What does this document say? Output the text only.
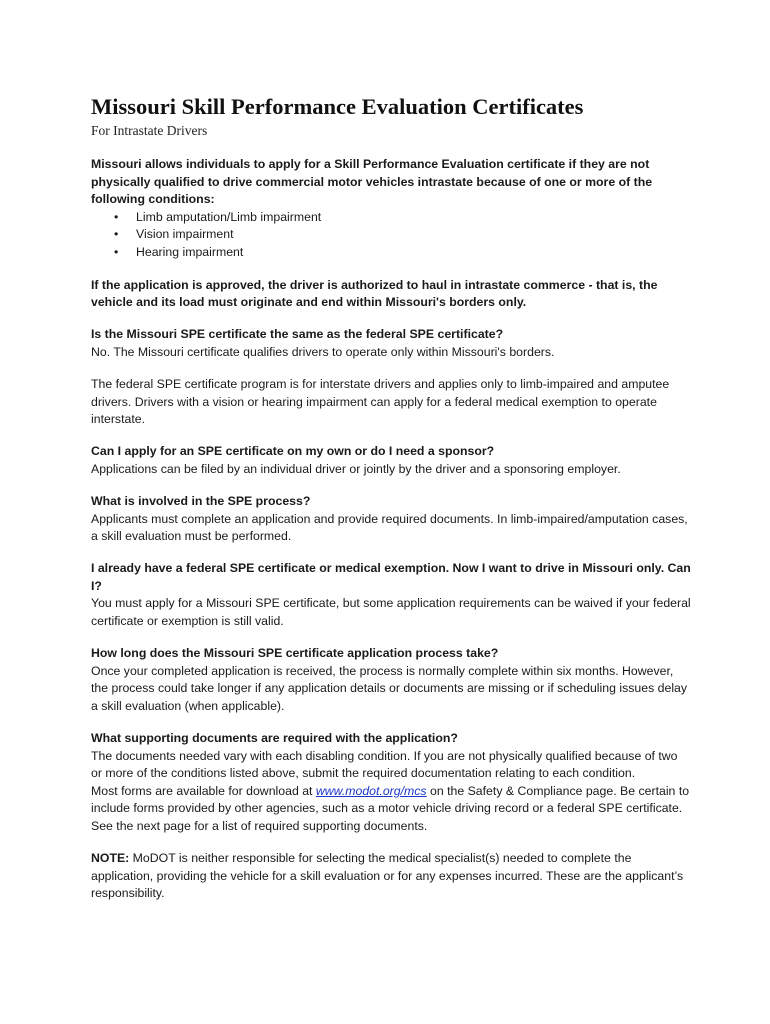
Missouri Skill Performance Evaluation Certificates
For Intrastate Drivers

Missouri allows individuals to apply for a Skill Performance Evaluation certificate if they are not physically qualified to drive commercial motor vehicles intrastate because of one or more of the following conditions:

• Limb amputation/Limb impairment
• Vision impairment
• Hearing impairment

If the application is approved, the driver is authorized to haul in intrastate commerce - that is, the vehicle and its load must originate and end within Missouri's borders only.

Is the Missouri SPE certificate the same as the federal SPE certificate?

No. The Missouri certificate qualifies drivers to operate only within Missouri's borders.

The federal SPE certificate program is for interstate drivers and applies only to limb-impaired and amputee drivers. Drivers with a vision or hearing impairment can apply for a federal medical exemption to operate interstate.

Can I apply for an SPE certificate on my own or do I need a sponsor?

Applications can be filed by an individual driver or jointly by the driver and a sponsoring employer.

What is involved in the SPE process?

Applicants must complete an application and provide required documents. In limb-impaired/amputation cases, a skill evaluation must be performed.

I already have a federal SPE certificate or medical exemption. Now I want to drive in Missouri only. Can I?

You must apply for a Missouri SPE certificate, but some application requirements can be waived if your federal certificate or exemption is still valid.

How long does the Missouri SPE certificate application process take?

Once your completed application is received, the process is normally complete within six months. However, the process could take longer if any application details or documents are missing or if scheduling issues delay a skill evaluation (when applicable).

What supporting documents are required with the application?

The documents needed vary with each disabling condition. If you are not physically qualified because of two or more of the conditions listed above, submit the required documentation relating to each condition.

Most forms are available for download at www.modot.org/mcs on the Safety & Compliance page. Be certain to include forms provided by other agencies, such as a motor vehicle driving record or a federal SPE certificate. See the next page for a list of required supporting documents.

NOTE: MoDOT is neither responsible for selecting the medical specialist(s) needed to complete the application, providing the vehicle for a skill evaluation or for any expenses incurred. These are the applicant’s responsibility.
